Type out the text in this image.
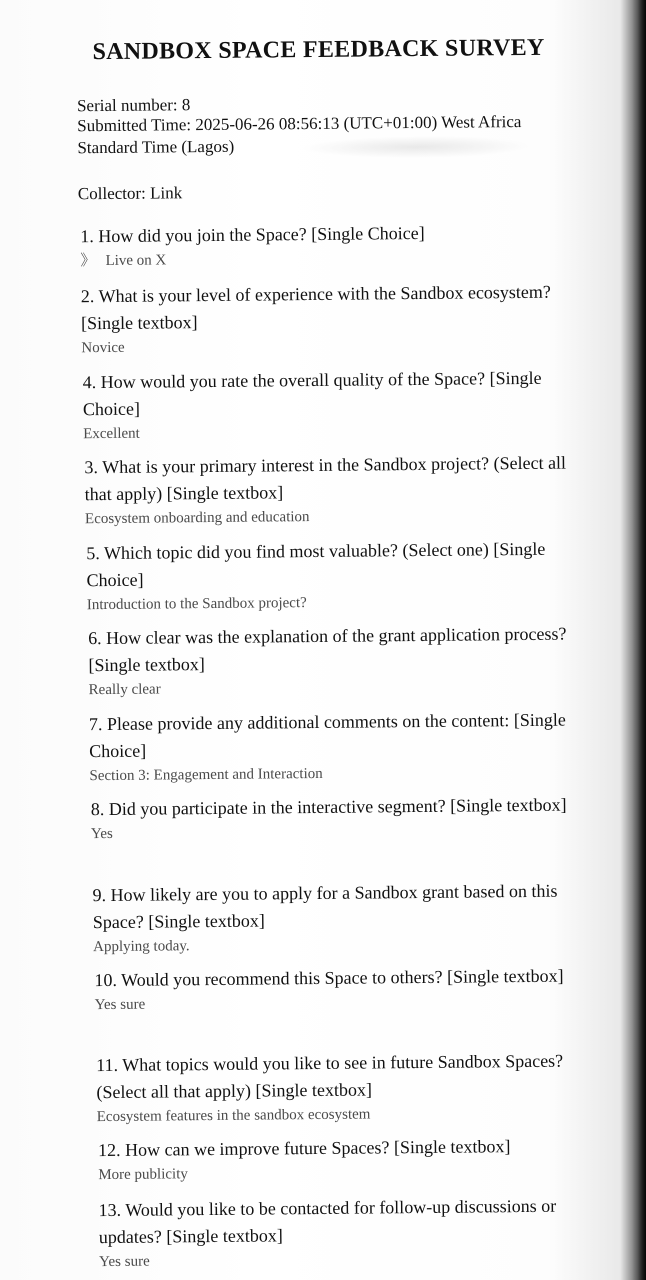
SANDBOX SPACE FEEDBACK SURVEY
Serial number: 8
Submitted Time: 2025-06-26 08:56:13 (UTC+01:00) West Africa Standard Time (Lagos)
Collector: Link
1. How did you join the Space? [Single Choice]
》 Live on X
2. What is your level of experience with the Sandbox ecosystem? [Single textbox]
Novice
4. How would you rate the overall quality of the Space? [Single Choice]
Excellent
3. What is your primary interest in the Sandbox project? (Select all that apply) [Single textbox]
Ecosystem onboarding and education
5. Which topic did you find most valuable? (Select one) [Single Choice]
Introduction to the Sandbox project?
6. How clear was the explanation of the grant application process? [Single textbox]
Really clear
7. Please provide any additional comments on the content: [Single Choice]
Section 3: Engagement and Interaction
8. Did you participate in the interactive segment? [Single textbox]
Yes
9. How likely are you to apply for a Sandbox grant based on this Space? [Single textbox]
Applying today.
10. Would you recommend this Space to others? [Single textbox]
Yes sure
11. What topics would you like to see in future Sandbox Spaces? (Select all that apply) [Single textbox]
Ecosystem features in the sandbox ecosystem
12. How can we improve future Spaces? [Single textbox]
More publicity
13. Would you like to be contacted for follow-up discussions or updates? [Single textbox]
Yes sure
